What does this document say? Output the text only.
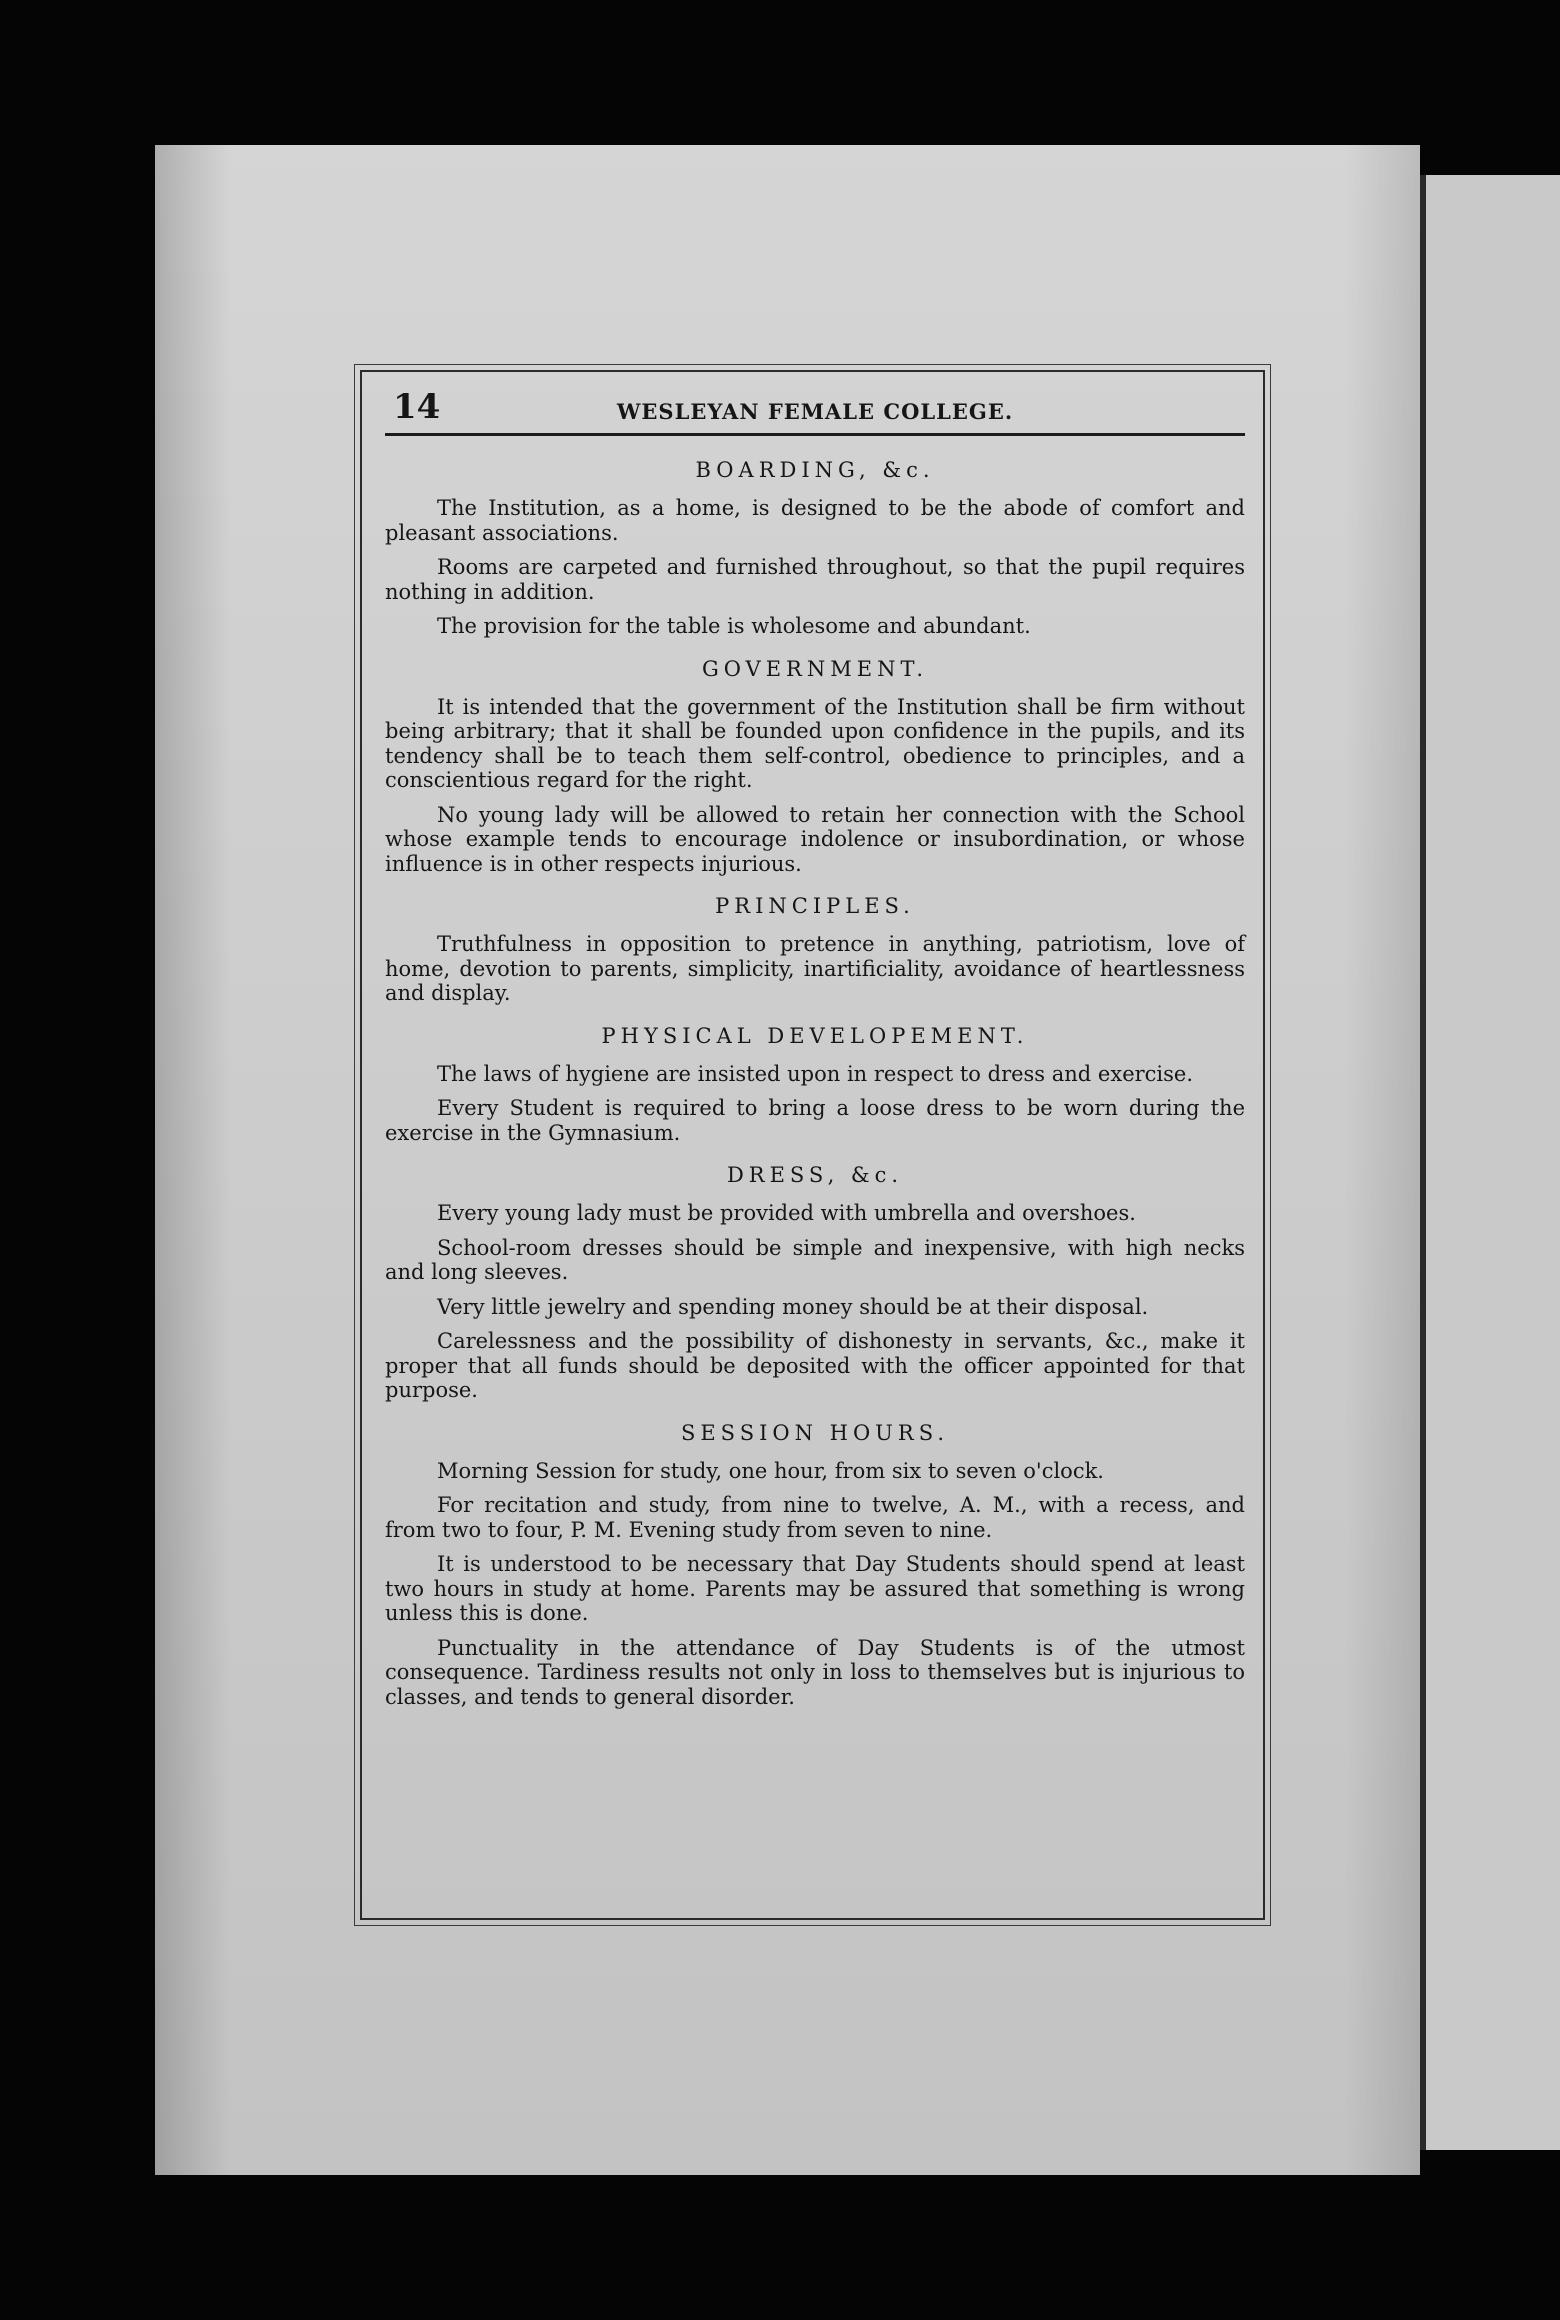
14	WESLEYAN FEMALE COLLEGE.
BOARDING, &c.

The Institution, as a home, is designed to be the abode of comfort and pleasant associations.

Rooms are carpeted and furnished throughout, so that the pupil requires nothing in addition.

The provision for the table is wholesome and abundant.

GOVERNMENT.

It is intended that the government of the Institution shall be firm without being arbitrary; that it shall be founded upon confidence in the pupils, and its tendency shall be to teach them self-control, obedience to principles, and a conscientious regard for the right.

No young lady will be allowed to retain her connection with the School whose example tends to encourage indolence or insubordination, or whose influence is in other respects injurious.

PRINCIPLES.

Truthfulness in opposition to pretence in anything, patriotism, love of home, devotion to parents, simplicity, inartificiality, avoidance of heartlessness and display.

PHYSICAL DEVELOPEMENT.

The laws of hygiene are insisted upon in respect to dress and exercise.

Every Student is required to bring a loose dress to be worn during the exercise in the Gymnasium.

DRESS, &c.

Every young lady must be provided with umbrella and overshoes.

School-room dresses should be simple and inexpensive, with high necks and long sleeves.

Very little jewelry and spending money should be at their disposal.

Carelessness and the possibility of dishonesty in servants, &c., make it proper that all funds should be deposited with the officer appointed for that purpose.

SESSION HOURS.

Morning Session for study, one hour, from six to seven o'clock.

For recitation and study, from nine to twelve, A. M., with a recess, and from two to four, P. M. Evening study from seven to nine.

It is understood to be necessary that Day Students should spend at least two hours in study at home. Parents may be assured that something is wrong unless this is done.

Punctuality in the attendance of Day Students is of the utmost consequence. Tardiness results not only in loss to themselves but is injurious to classes, and tends to general disorder.
